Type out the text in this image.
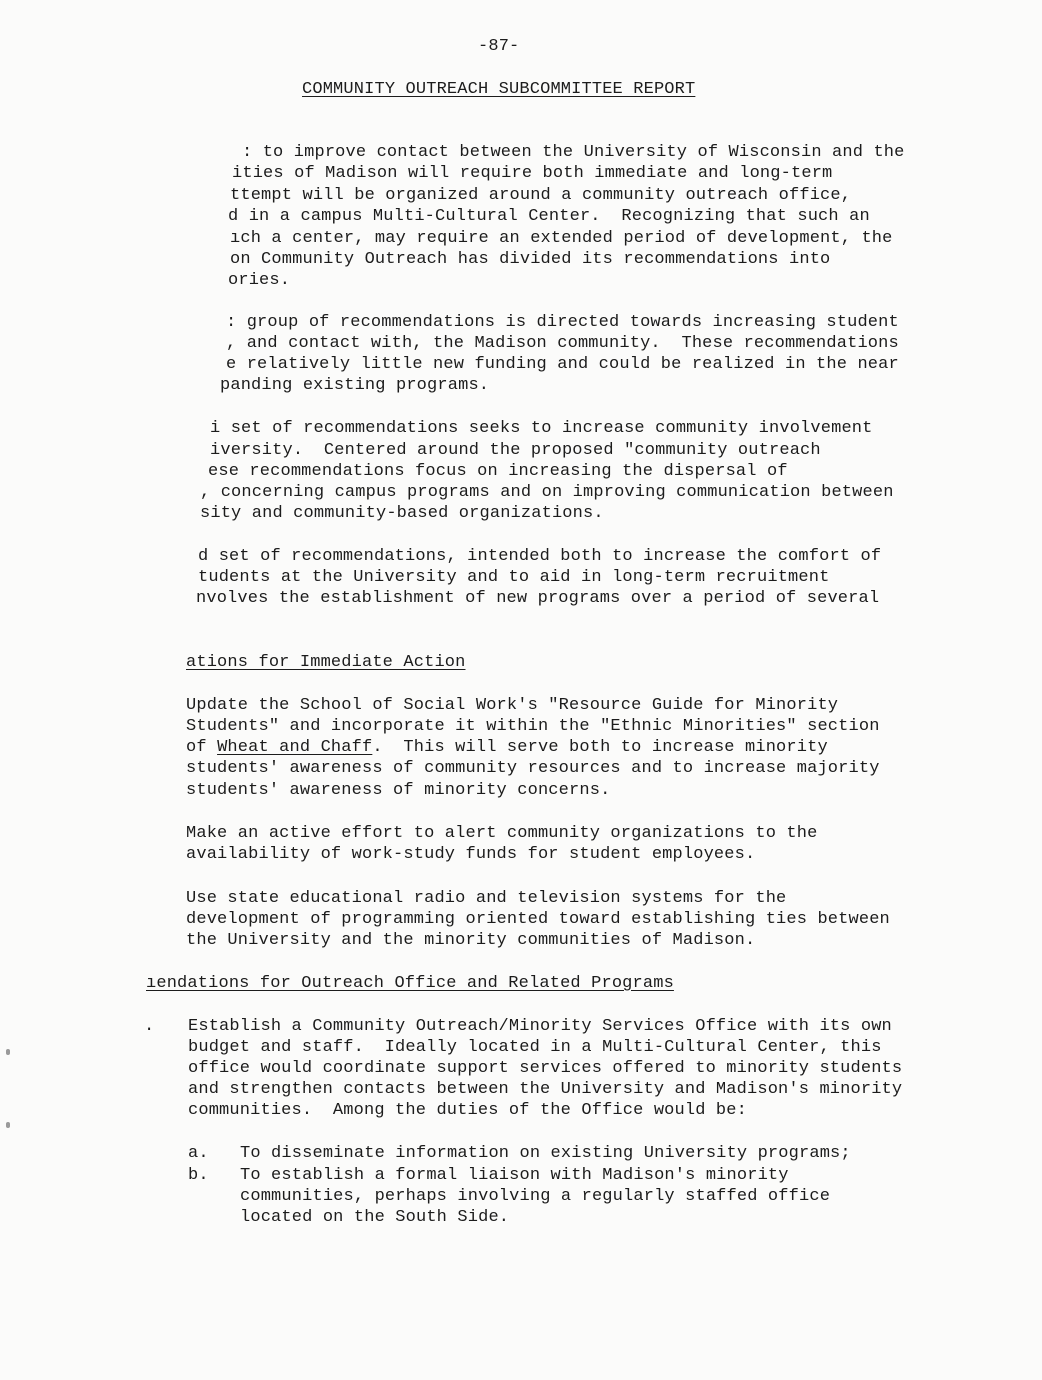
-87-
COMMUNITY OUTREACH SUBCOMMITTEE REPORT
: to improve contact between the University of Wisconsin and the
ities of Madison will require both immediate and long-term
ttempt will be organized around a community outreach office,
d in a campus Multi-Cultural Center.  Recognizing that such an
ıch a center, may require an extended period of development, the
on Community Outreach has divided its recommendations into
ories.
: group of recommendations is directed towards increasing student
, and contact with, the Madison community.  These recommendations
e relatively little new funding and could be realized in the near
panding existing programs.
i set of recommendations seeks to increase community involvement
iversity.  Centered around the proposed "community outreach
ese recommendations focus on increasing the dispersal of
, concerning campus programs and on improving communication between
sity and community-based organizations.
d set of recommendations, intended both to increase the comfort of
tudents at the University and to aid in long-term recruitment
nvolves the establishment of new programs over a period of several
ations for Immediate Action
Update the School of Social Work's "Resource Guide for Minority
Students" and incorporate it within the "Ethnic Minorities" section
of Wheat and Chaff.  This will serve both to increase minority
students' awareness of community resources and to increase majority
students' awareness of minority concerns.
Make an active effort to alert community organizations to the
availability of work-study funds for student employees.
Use state educational radio and television systems for the
development of programming oriented toward establishing ties between
the University and the minority communities of Madison.
ıendations for Outreach Office and Related Programs
. Establish a Community Outreach/Minority Services Office with its own
budget and staff.  Ideally located in a Multi-Cultural Center, this
office would coordinate support services offered to minority students
and strengthen contacts between the University and Madison's minority
communities.  Among the duties of the Office would be:
a. To disseminate information on existing University programs;
b. To establish a formal liaison with Madison's minority
communities, perhaps involving a regularly staffed office
located on the South Side.
